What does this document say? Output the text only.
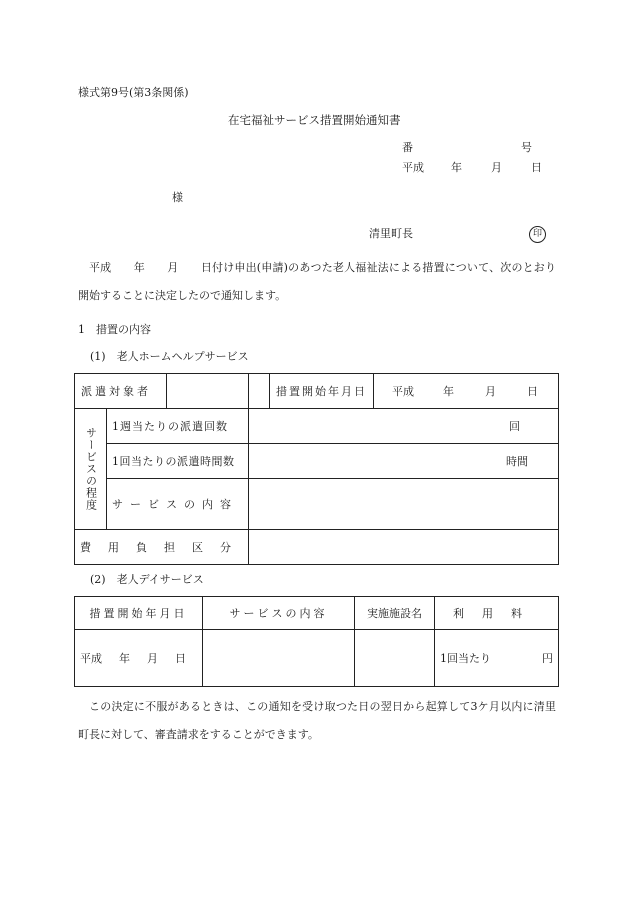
様式第9号(第3条関係)
在宅福祉サービス措置開始通知書
番	号
平成 年	月	日
様
清里町長	印
平成　　年　　月　　日付け申出(申請)のあつた老人福祉法による措置について、次のとおり開始することに決定したので通知します。
1　措置の内容
(1)　老人ホームヘルプサービス
派遣対象者		措置開始年月日	平成 年 月 日

サービスの程度	1週当たりの派遣回数	回	
	1回当たりの派遣時間数	時間	
	サービスの内容		
費用負担区分			
(2)　老人デイサービス
措置開始年月日	サービスの内容	実施施設名	利用料
平成 年 月 日			1回当たり 円
この決定に不服があるときは、この通知を受け取つた日の翌日から起算して3ケ月以内に清里町長に対して、審査請求をすることができます。
